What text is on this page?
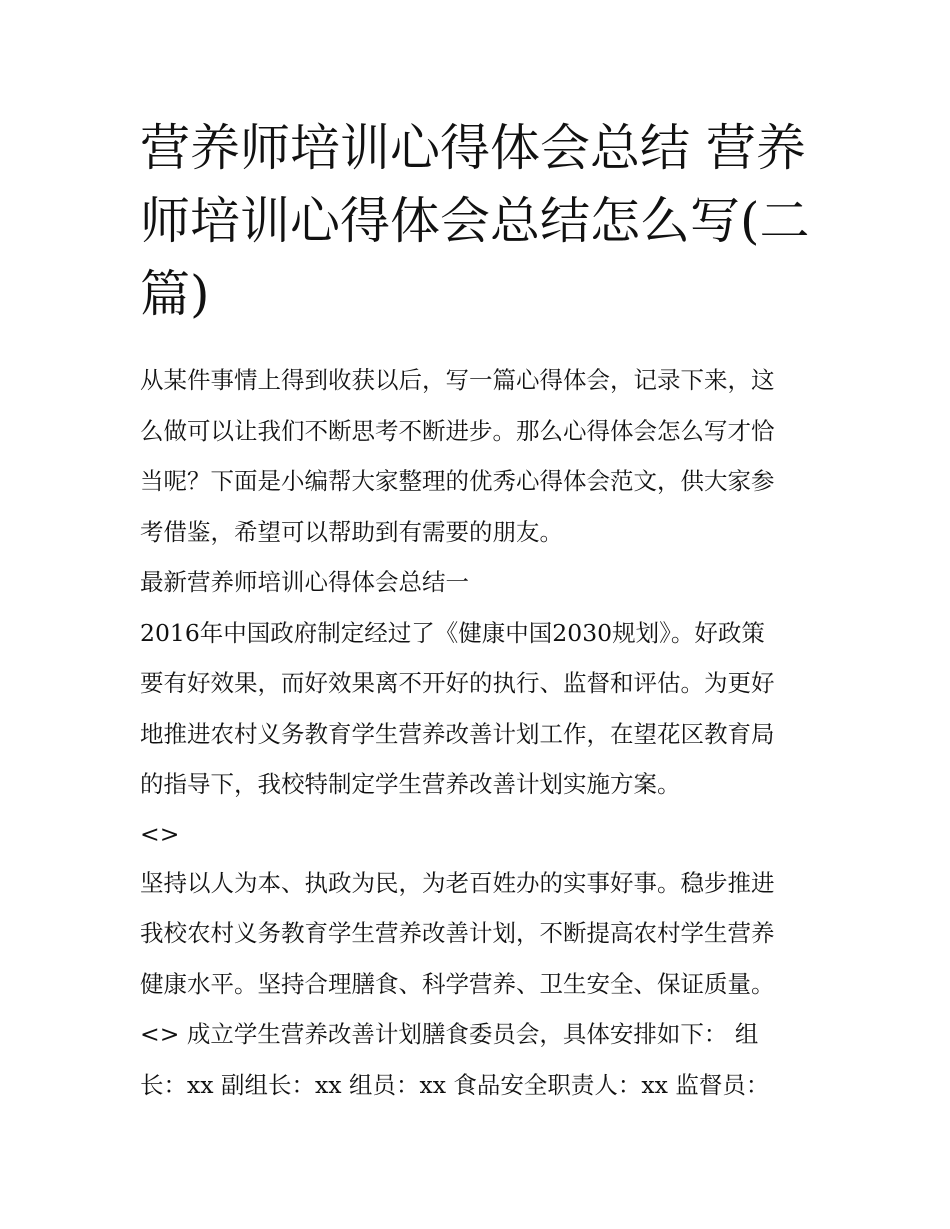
营养师培训心得体会总结 营养
师培训心得体会总结怎么写(二
篇)
从某件事情上得到收获以后，写一篇心得体会，记录下来，这
么做可以让我们不断思考不断进步。那么心得体会怎么写才恰
当呢？下面是小编帮大家整理的优秀心得体会范文，供大家参
考借鉴，希望可以帮助到有需要的朋友。
最新营养师培训心得体会总结一
2016年中国政府制定经过了《健康中国2030规划》。好政策
要有好效果，而好效果离不开好的执行、监督和评估。为更好
地推进农村义务教育学生营养改善计划工作，在望花区教育局
的指导下，我校特制定学生营养改善计划实施方案。
<>
坚持以人为本、执政为民，为老百姓办的实事好事。稳步推进
我校农村义务教育学生营养改善计划，不断提高农村学生营养
健康水平。坚持合理膳食、科学营养、卫生安全、保证质量。
<> 成立学生营养改善计划膳食委员会，具体安排如下： 组
长：xx 副组长：xx 组员：xx 食品安全职责人：xx 监督员：
